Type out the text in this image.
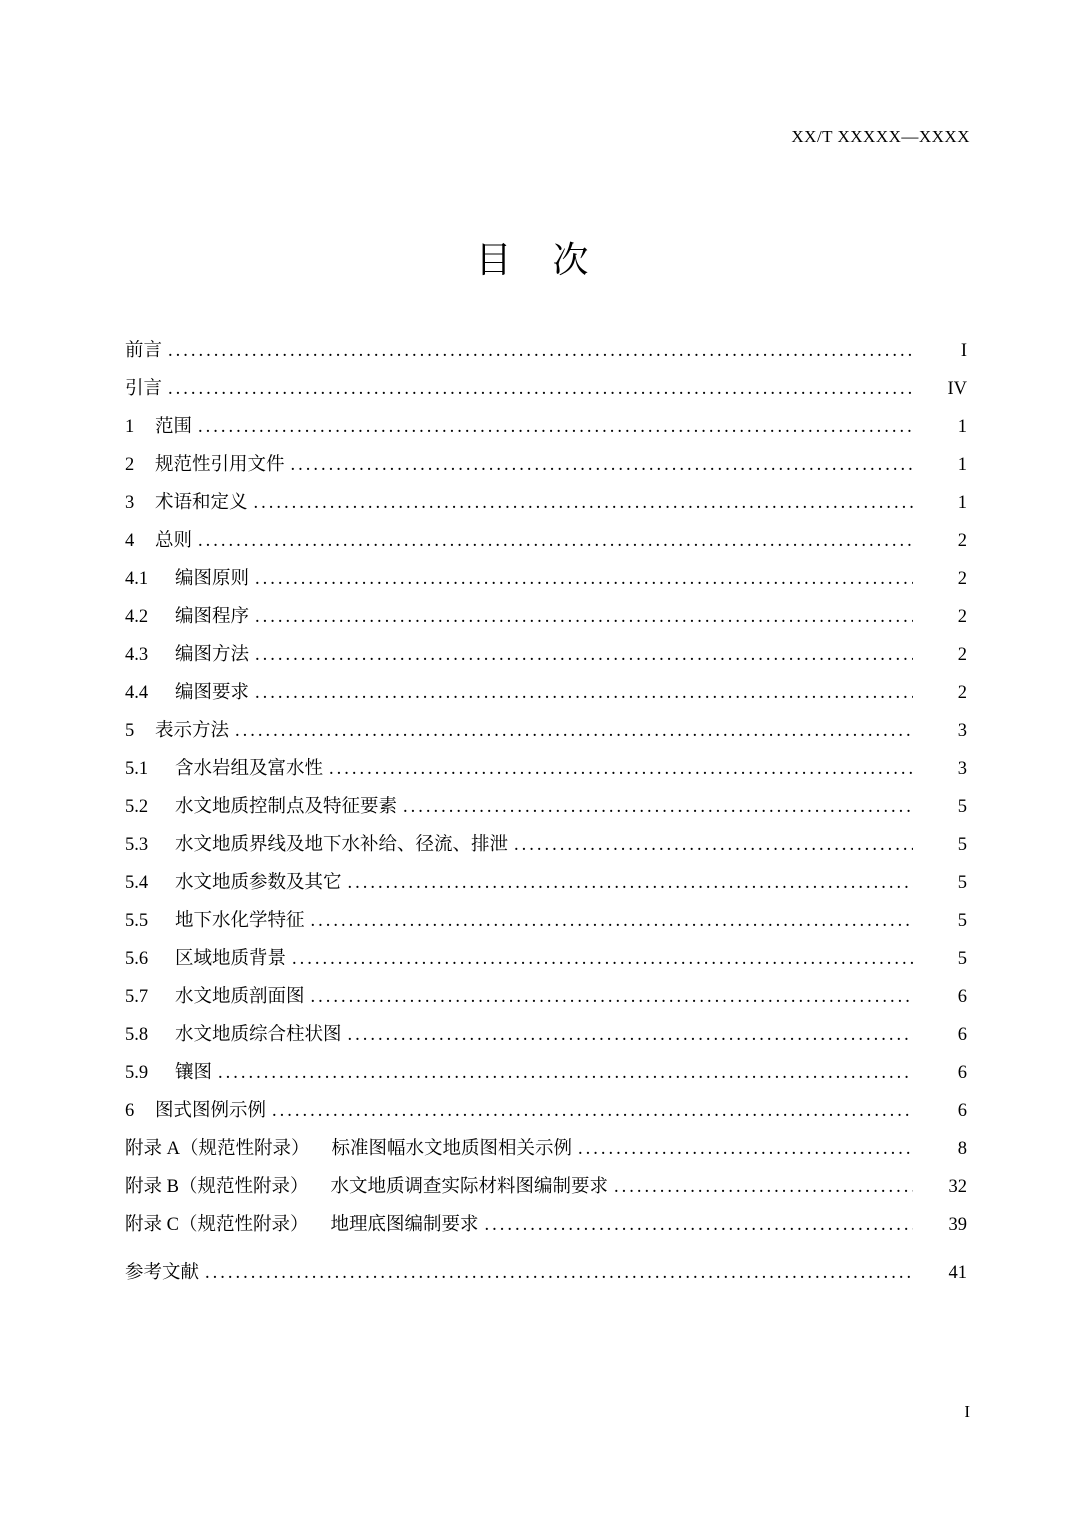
XX/T XXXXX—XXXX
目 次
前言 .....	I
引言 .....	IV
1	范围 .....	1
2	规范性引用文件 .....	1
3	术语和定义 .....	1
4	总则 .....	2
4.1	编图原则 .....	2
4.2	编图程序 .....	2
4.3	编图方法 .....	2
4.4	编图要求 .....	2
5	表示方法 .....	3
5.1	含水岩组及富水性 .....	3
5.2	水文地质控制点及特征要素 .....	5
5.3	水文地质界线及地下水补给、径流、排泄 .....	5
5.4	水文地质参数及其它 .....	5
5.5	地下水化学特征 .....	5
5.6	区域地质背景 .....	5
5.7	水文地质剖面图 .....	6
5.8	水文地质综合柱状图 .....	6
5.9	镶图 .....	6
6	图式图例示例 .....	6
附录 A（规范性附录）	标准图幅水文地质图相关示例 .....	8
附录 B（规范性附录）	水文地质调查实际材料图编制要求 .....	32
附录 C（规范性附录）	地理底图编制要求 .....	39
参考文献 .....	41
I
